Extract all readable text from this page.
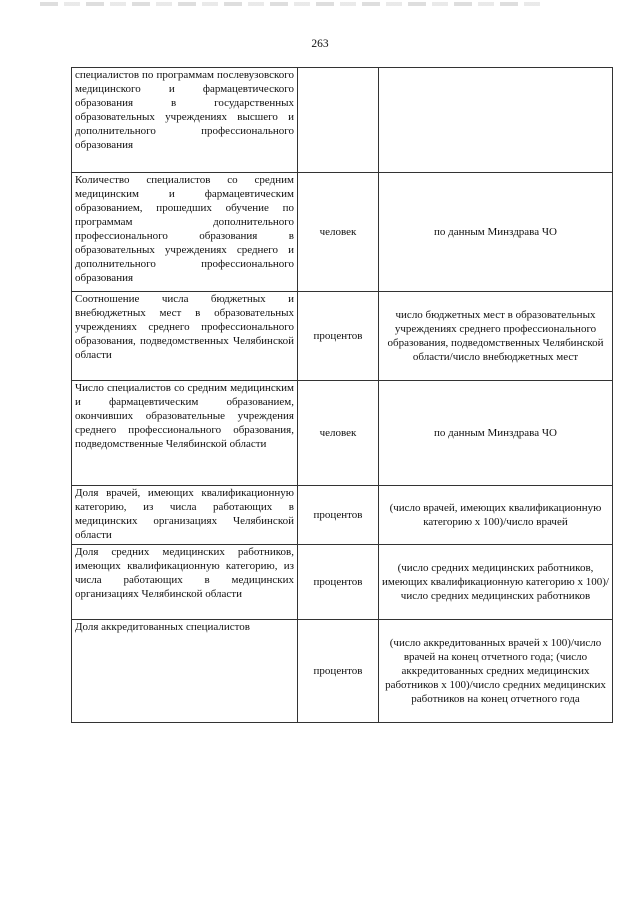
263
специалистов по программам послевузовского медицинского и фармацевтического образования в государственных образовательных учреждениях высшего и дополнительного профессионального образования		
Количество специалистов со средним медицинским и фармацевтическим образованием, прошедших обучение по программам дополнительного профессионального образования в образовательных учреждениях среднего и дополнительного профессионального образования	человек	по данным Минздрава ЧО
Соотношение числа бюджетных и внебюджетных мест в образовательных учреждениях среднего профессионального образования, подведомственных Челябинской области	процентов	число бюджетных мест в образовательных учреждениях среднего профессионального образования, подведомственных Челябинской области/число внебюджетных мест
Число специалистов со средним медицинским и фармацевтическим образованием, окончивших образовательные учреждения среднего профессионального образования, подведомственные Челябинской области	человек	по данным Минздрава ЧО
Доля врачей, имеющих квалификационную категорию, из числа работающих в медицинских организациях Челябинской области	процентов	(число врачей, имеющих квалификационную категорию х 100)/число врачей
Доля средних медицинских работников, имеющих квалификационную категорию, из числа работающих в медицинских организациях Челябинской области	процентов	(число средних медицинских работников, имеющих квалификационную категорию х 100)/число средних медицинских работников
Доля аккредитованных специалистов	процентов	(число аккредитованных врачей х 100)/число врачей на конец отчетного года; (число аккредитованных средних медицинских работников х 100)/число средних медицинских работников на конец отчетного года
